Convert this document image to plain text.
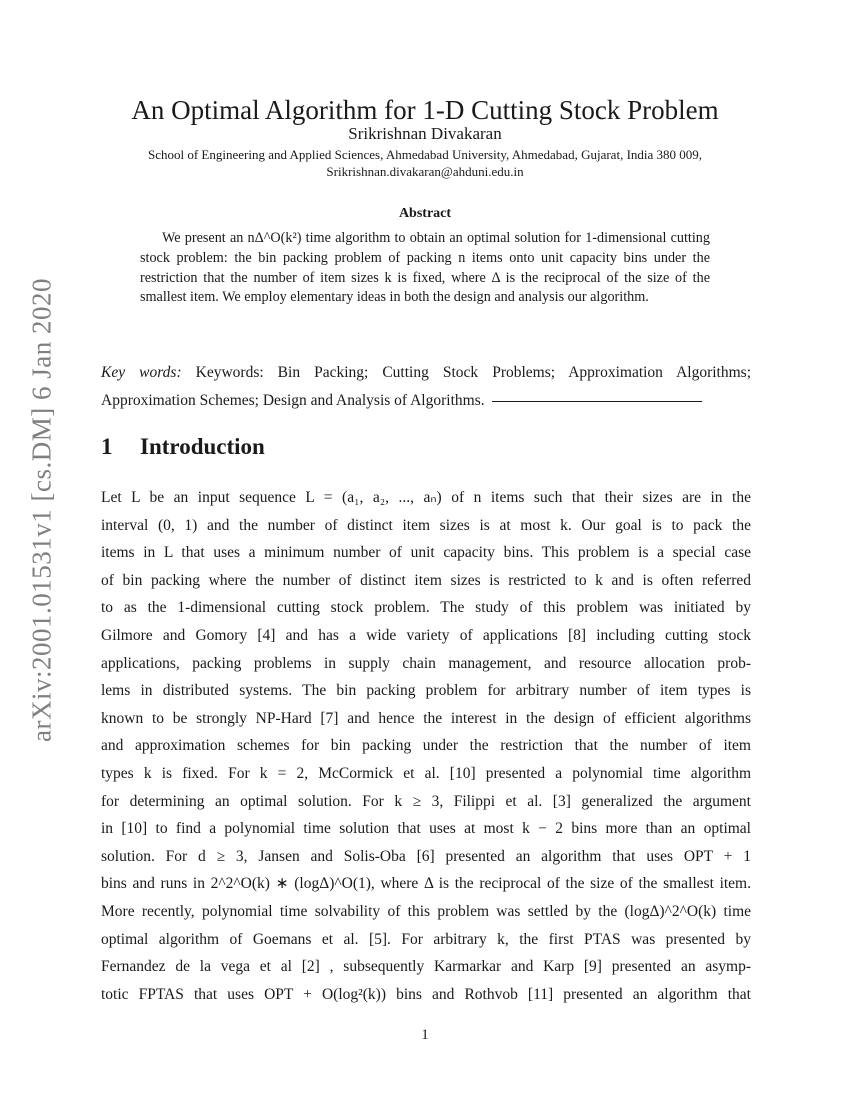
arXiv:2001.01531v1 [cs.DM] 6 Jan 2020
An Optimal Algorithm for 1-D Cutting Stock Problem
Srikrishnan Divakaran
School of Engineering and Applied Sciences, Ahmedabad University, Ahmedabad, Gujarat, India 380 009,
Srikrishnan.divakaran@ahduni.edu.in
Abstract
We present an nΔ^O(k²) time algorithm to obtain an optimal solution for 1-dimensional cutting stock problem: the bin packing problem of packing n items onto unit capacity bins under the restriction that the number of item sizes k is fixed, where Δ is the reciprocal of the size of the smallest item. We employ elementary ideas in both the design and analysis our algorithm.
Key words: Keywords: Bin Packing; Cutting Stock Problems; Approximation Algorithms; Approximation Schemes; Design and Analysis of Algorithms.
1 Introduction
Let L be an input sequence L = (a₁, a₂, ..., aₙ) of n items such that their sizes are in the
interval (0, 1) and the number of distinct item sizes is at most k. Our goal is to pack the
items in L that uses a minimum number of unit capacity bins. This problem is a special case
of bin packing where the number of distinct item sizes is restricted to k and is often referred
to as the 1-dimensional cutting stock problem. The study of this problem was initiated by
Gilmore and Gomory [4] and has a wide variety of applications [8] including cutting stock
applications, packing problems in supply chain management, and resource allocation prob-
lems in distributed systems. The bin packing problem for arbitrary number of item types is
known to be strongly NP-Hard [7] and hence the interest in the design of efficient algorithms
and approximation schemes for bin packing under the restriction that the number of item
types k is fixed. For k = 2, McCormick et al. [10] presented a polynomial time algorithm
for determining an optimal solution. For k ≥ 3, Filippi et al. [3] generalized the argument
in [10] to find a polynomial time solution that uses at most k − 2 bins more than an optimal
solution. For d ≥ 3, Jansen and Solis-Oba [6] presented an algorithm that uses OPT + 1
bins and runs in 2^2^O(k) ∗ (logΔ)^O(1), where Δ is the reciprocal of the size of the smallest item.
More recently, polynomial time solvability of this problem was settled by the (logΔ)^2^O(k) time
optimal algorithm of Goemans et al. [5]. For arbitrary k, the first PTAS was presented by
Fernandez de la vega et al [2] , subsequently Karmarkar and Karp [9] presented an asymp-
totic FPTAS that uses OPT + O(log²(k)) bins and Rothvob [11] presented an algorithm that
1
